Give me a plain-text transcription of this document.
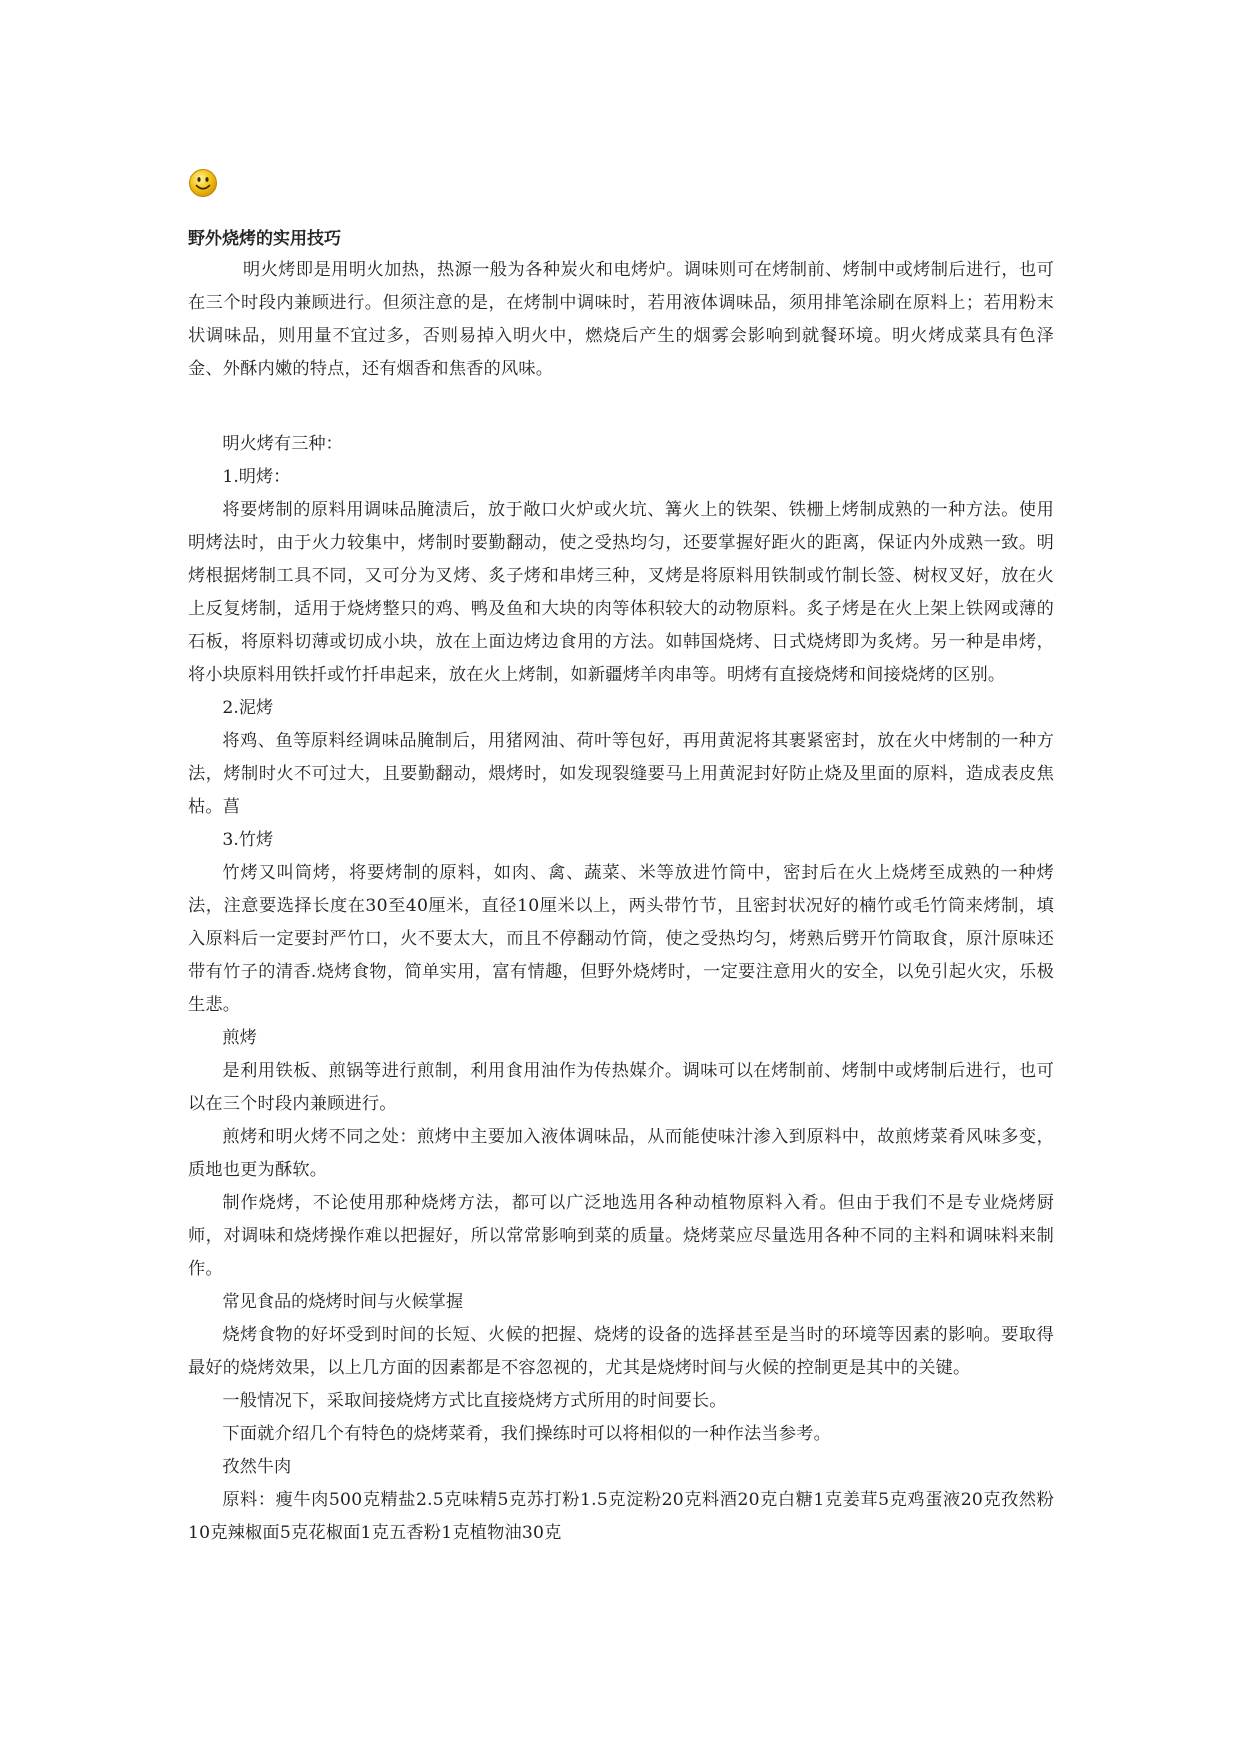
野外烧烤的实用技巧

明火烤即是用明火加热，热源一般为各种炭火和电烤炉。调味则可在烤制前、烤制中或烤制后进行，也可在三个时段内兼顾进行。但须注意的是，在烤制中调味时，若用液体调味品，须用排笔涂刷在原料上；若用粉末状调味品，则用量不宜过多，否则易掉入明火中，燃烧后产生的烟雾会影响到就餐环境。明火烤成菜具有色泽金、外酥内嫩的特点，还有烟香和焦香的风味。

明火烤有三种：

1.明烤：

将要烤制的原料用调味品腌渍后，放于敞口火炉或火坑、篝火上的铁架、铁栅上烤制成熟的一种方法。使用明烤法时，由于火力较集中，烤制时要勤翻动，使之受热均匀，还要掌握好距火的距离，保证内外成熟一致。明烤根据烤制工具不同，又可分为叉烤、炙子烤和串烤三种，叉烤是将原料用铁制或竹制长签、树杈叉好，放在火上反复烤制，适用于烧烤整只的鸡、鸭及鱼和大块的肉等体积较大的动物原料。炙子烤是在火上架上铁网或薄的石板，将原料切薄或切成小块，放在上面边烤边食用的方法。如韩国烧烤、日式烧烤即为炙烤。另一种是串烤，将小块原料用铁扦或竹扦串起来，放在火上烤制，如新疆烤羊肉串等。明烤有直接烧烤和间接烧烤的区别。

2.泥烤

将鸡、鱼等原料经调味品腌制后，用猪网油、荷叶等包好，再用黄泥将其裹紧密封，放在火中烤制的一种方法，烤制时火不可过大，且要勤翻动，煨烤时，如发现裂缝要马上用黄泥封好防止烧及里面的原料，造成表皮焦枯。菖

3.竹烤

竹烤又叫筒烤，将要烤制的原料，如肉、禽、蔬菜、米等放进竹筒中，密封后在火上烧烤至成熟的一种烤法，注意要选择长度在30至40厘米，直径10厘米以上，两头带竹节，且密封状况好的楠竹或毛竹筒来烤制，填入原料后一定要封严竹口，火不要太大，而且不停翻动竹筒，使之受热均匀，烤熟后劈开竹筒取食，原汁原味还带有竹子的清香.烧烤食物，简单实用，富有情趣，但野外烧烤时，一定要注意用火的安全，以免引起火灾，乐极生悲。

煎烤

是利用铁板、煎锅等进行煎制，利用食用油作为传热媒介。调味可以在烤制前、烤制中或烤制后进行，也可以在三个时段内兼顾进行。

煎烤和明火烤不同之处：煎烤中主要加入液体调味品，从而能使味汁渗入到原料中，故煎烤菜肴风味多变，质地也更为酥软。

制作烧烤，不论使用那种烧烤方法，都可以广泛地选用各种动植物原料入肴。但由于我们不是专业烧烤厨师，对调味和烧烤操作难以把握好，所以常常影响到菜的质量。烧烤菜应尽量选用各种不同的主料和调味料来制作。

常见食品的烧烤时间与火候掌握

烧烤食物的好坏受到时间的长短、火候的把握、烧烤的设备的选择甚至是当时的环境等因素的影响。要取得最好的烧烤效果，以上几方面的因素都是不容忽视的，尤其是烧烤时间与火候的控制更是其中的关键。

一般情况下，采取间接烧烤方式比直接烧烤方式所用的时间要长。

下面就介绍几个有特色的烧烤菜肴，我们操练时可以将相似的一种作法当参考。

孜然牛肉

原料：瘦牛肉500克精盐2.5克味精5克苏打粉1.5克淀粉20克料酒20克白糖1克姜茸5克鸡蛋液20克孜然粉10克辣椒面5克花椒面1克五香粉1克植物油30克
